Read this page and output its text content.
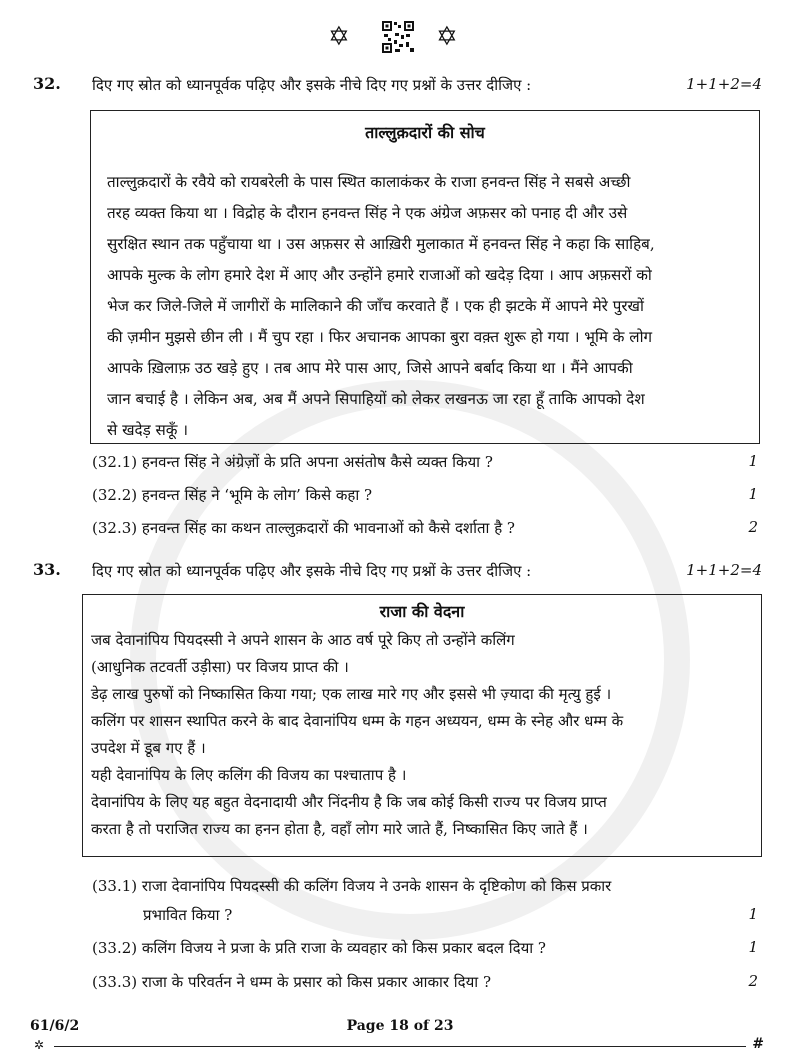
✡	✡
32. दिए गए स्रोत को ध्यानपूर्वक पढ़िए और इसके नीचे दिए गए प्रश्नों के उत्तर दीजिए :	1+1+2=4
ताल्लुक़दारों की सोच
ताल्लुक़दारों के रवैये को रायबरेली के पास स्थित कालाकंकर के राजा हनवन्त सिंह ने सबसे अच्छी
तरह व्यक्त किया था । विद्रोह के दौरान हनवन्त सिंह ने एक अंग्रेज अफ़सर को पनाह दी और उसे
सुरक्षित स्थान तक पहुँचाया था । उस अफ़सर से आख़िरी मुलाकात में हनवन्त सिंह ने कहा कि साहिब,
आपके मुल्क के लोग हमारे देश में आए और उन्होंने हमारे राजाओं को खदेड़ दिया । आप अफ़सरों को
भेज कर जिले-जिले में जागीरों के मालिकाने की जाँच करवाते हैं । एक ही झटके में आपने मेरे पुरखों
की ज़मीन मुझसे छीन ली । मैं चुप रहा । फिर अचानक आपका बुरा वक़्त शुरू हो गया । भूमि के लोग
आपके ख़िलाफ़ उठ खड़े हुए । तब आप मेरे पास आए, जिसे आपने बर्बाद किया था । मैंने आपकी
जान बचाई है । लेकिन अब, अब मैं अपने सिपाहियों को लेकर लखनऊ जा रहा हूँ ताकि आपको देश
से खदेड़ सकूँ ।
(32.1) हनवन्त सिंह ने अंग्रेज़ों के प्रति अपना असंतोष कैसे व्यक्त किया ?	1
(32.2) हनवन्त सिंह ने ‘भूमि के लोग’ किसे कहा ?	1
(32.3) हनवन्त सिंह का कथन ताल्लुक़दारों की भावनाओं को कैसे दर्शाता है ?	2
33. दिए गए स्रोत को ध्यानपूर्वक पढ़िए और इसके नीचे दिए गए प्रश्नों के उत्तर दीजिए :	1+1+2=4
राजा की वेदना
जब देवानांपिय पियदस्सी ने अपने शासन के आठ वर्ष पूरे किए तो उन्होंने कलिंग
(आधुनिक तटवर्ती उड़ीसा) पर विजय प्राप्त की ।
डेढ़ लाख पुरुषों को निष्कासित किया गया; एक लाख मारे गए और इससे भी ज़्यादा की मृत्यु हुई ।
कलिंग पर शासन स्थापित करने के बाद देवानांपिय धम्म के गहन अध्ययन, धम्म के स्नेह और धम्म के
उपदेश में डूब गए हैं ।
यही देवानांपिय के लिए कलिंग की विजय का पश्चाताप है ।
देवानांपिय के लिए यह बहुत वेदनादायी और निंदनीय है कि जब कोई किसी राज्य पर विजय प्राप्त
करता है तो पराजित राज्य का हनन होता है, वहाँ लोग मारे जाते हैं, निष्कासित किए जाते हैं ।
(33.1) राजा देवानांपिय पियदस्सी की कलिंग विजय ने उनके शासन के दृष्टिकोण को किस प्रकार
प्रभावित किया ?	1
(33.2) कलिंग विजय ने प्रजा के प्रति राजा के व्यवहार को किस प्रकार बदल दिया ?	1
(33.3) राजा के परिवर्तन ने धम्म के प्रसार को किस प्रकार आकार दिया ?	2
61/6/2	Page 18 of 23
✲	#
